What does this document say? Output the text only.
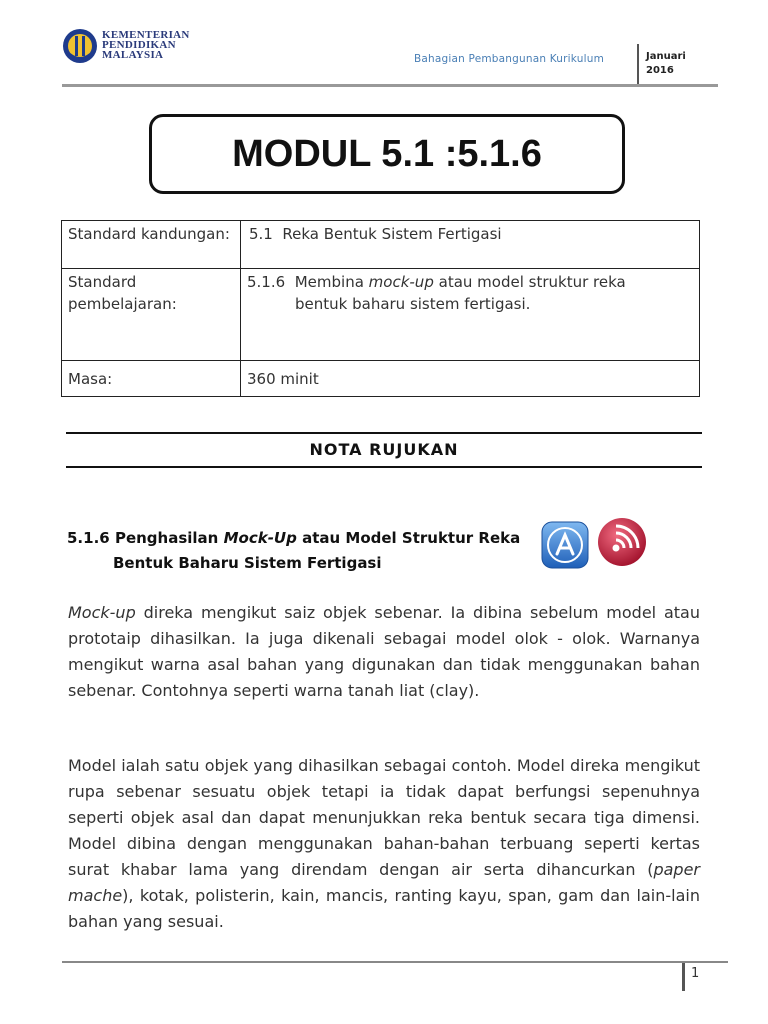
KEMENTERIAN
PENDIDIKAN
MALAYSIA	Bahagian Pembangunan Kurikulum	Januari
2016
MODUL 5.1 :5.1.6
Standard kandungan:	5.1 Reka Bentuk Sistem Fertigasi
Standard pembelajaran:	5.1.6 Membina mock-up atau model struktur reka
bentuk baharu sistem fertigasi.

Masa:	360 minit
NOTA RUJUKAN
5.1.6 Penghasilan Mock-Up atau Model Struktur Reka
Bentuk Baharu Sistem Fertigasi
Mock-up direka mengikut saiz objek sebenar. Ia dibina sebelum model atau prototaip dihasilkan. Ia juga dikenali sebagai model olok - olok. Warnanya mengikut warna asal bahan yang digunakan dan tidak menggunakan bahan sebenar. Contohnya seperti warna tanah liat (clay).
Model ialah satu objek yang dihasilkan sebagai contoh. Model direka mengikut rupa sebenar sesuatu objek tetapi ia tidak dapat berfungsi sepenuhnya seperti objek asal dan dapat menunjukkan reka bentuk secara tiga dimensi. Model dibina dengan menggunakan bahan-bahan terbuang seperti kertas surat khabar lama yang direndam dengan air serta dihancurkan (paper mache), kotak, polisterin, kain, mancis, ranting kayu, span, gam dan lain-lain bahan yang sesuai.
1
